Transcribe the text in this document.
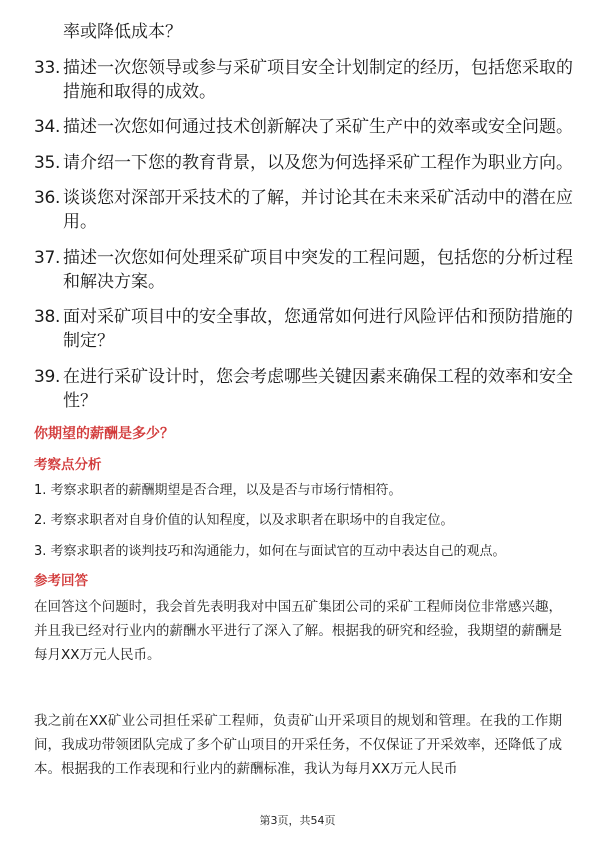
率或降低成本？
33. 描述一次您领导或参与采矿项目安全计划制定的经历，包括您采取的措施和取得的成效。
34. 描述一次您如何通过技术创新解决了采矿生产中的效率或安全问题。
35. 请介绍一下您的教育背景，以及您为何选择采矿工程作为职业方向。
36. 谈谈您对深部开采技术的了解，并讨论其在未来采矿活动中的潜在应用。
37. 描述一次您如何处理采矿项目中突发的工程问题，包括您的分析过程和解决方案。
38. 面对采矿项目中的安全事故，您通常如何进行风险评估和预防措施的制定？
39. 在进行采矿设计时，您会考虑哪些关键因素来确保工程的效率和安全性？
你期望的薪酬是多少？
考察点分析
1. 考察求职者的薪酬期望是否合理，以及是否与市场行情相符。
2. 考察求职者对自身价值的认知程度，以及求职者在职场中的自我定位。
3. 考察求职者的谈判技巧和沟通能力，如何在与面试官的互动中表达自己的观点。
参考回答
在回答这个问题时，我会首先表明我对中国五矿集团公司的采矿工程师岗位非常感兴趣，并且我已经对行业内的薪酬水平进行了深入了解。根据我的研究和经验，我期望的薪酬是每月XX万元人民币。
我之前在XX矿业公司担任采矿工程师，负责矿山开采项目的规划和管理。在我的工作期间，我成功带领团队完成了多个矿山项目的开采任务，不仅保证了开采效率，还降低了成本。根据我的工作表现和行业内的薪酬标准，我认为每月XX万元人民币
第3页，共54页
